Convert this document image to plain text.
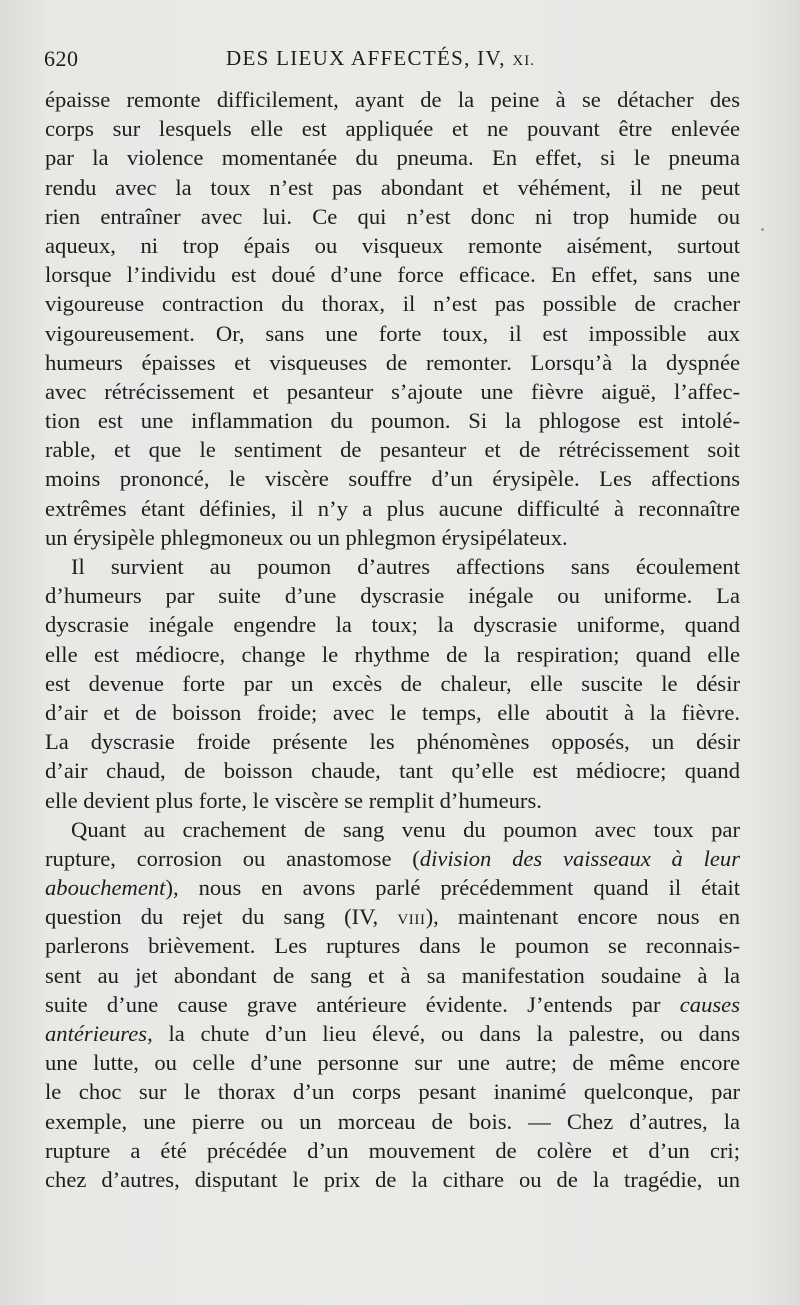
620	DES LIEUX AFFECTÉS, IV, XI.
épaisse remonte difficilement, ayant de la peine à se détacher des
corps sur lesquels elle est appliquée et ne pouvant être enlevée
par la violence momentanée du pneuma. En effet, si le pneuma
rendu avec la toux n’est pas abondant et véhément, il ne peut
rien entraîner avec lui. Ce qui n’est donc ni trop humide ou
aqueux, ni trop épais ou visqueux remonte aisément, surtout
lorsque l’individu est doué d’une force efficace. En effet, sans une
vigoureuse contraction du thorax, il n’est pas possible de cracher
vigoureusement. Or, sans une forte toux, il est impossible aux
humeurs épaisses et visqueuses de remonter. Lorsqu’à la dyspnée
avec rétrécissement et pesanteur s’ajoute une fièvre aiguë, l’affec-
tion est une inflammation du poumon. Si la phlogose est intolé-
rable, et que le sentiment de pesanteur et de rétrécissement soit
moins prononcé, le viscère souffre d’un érysipèle. Les affections
extrêmes étant définies, il n’y a plus aucune difficulté à reconnaître
un érysipèle phlegmoneux ou un phlegmon érysipélateux.
Il survient au poumon d’autres affections sans écoulement
d’humeurs par suite d’une dyscrasie inégale ou uniforme. La
dyscrasie inégale engendre la toux; la dyscrasie uniforme, quand
elle est médiocre, change le rhythme de la respiration; quand elle
est devenue forte par un excès de chaleur, elle suscite le désir
d’air et de boisson froide; avec le temps, elle aboutit à la fièvre.
La dyscrasie froide présente les phénomènes opposés, un désir
d’air chaud, de boisson chaude, tant qu’elle est médiocre; quand
elle devient plus forte, le viscère se remplit d’humeurs.
Quant au crachement de sang venu du poumon avec toux par
rupture, corrosion ou anastomose (division des vaisseaux à leur
abouchement), nous en avons parlé précédemment quand il était
question du rejet du sang (IV, VIII), maintenant encore nous en
parlerons brièvement. Les ruptures dans le poumon se reconnais-
sent au jet abondant de sang et à sa manifestation soudaine à la
suite d’une cause grave antérieure évidente. J’entends par causes
antérieures, la chute d’un lieu élevé, ou dans la palestre, ou dans
une lutte, ou celle d’une personne sur une autre; de même encore
le choc sur le thorax d’un corps pesant inanimé quelconque, par
exemple, une pierre ou un morceau de bois. — Chez d’autres, la
rupture a été précédée d’un mouvement de colère et d’un cri;
chez d’autres, disputant le prix de la cithare ou de la tragédie, un
